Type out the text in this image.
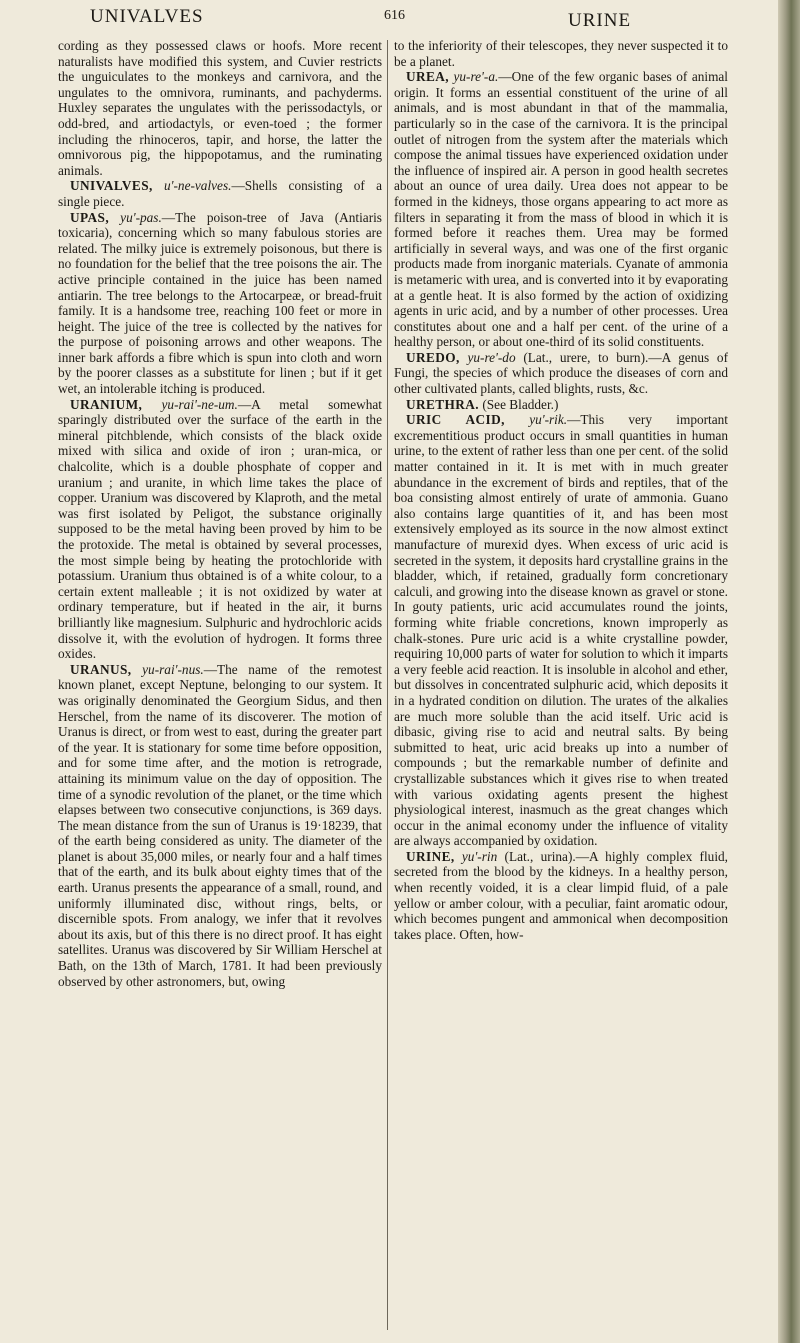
UNIVALVES	616	URINE

cording as they possessed claws or hoofs. More recent naturalists have modified this system, and Cuvier restricts the unguiculates to the monkeys and carnivora, and the ungulates to the omnivora, ruminants, and pachyderms. Huxley separates the ungulates with the perissodactyls, or odd-bred, and artiodactyls, or even-toed ; the former including the rhinoceros, tapir, and horse, the latter the omnivorous pig, the hippopotamus, and the ruminating animals.

UNIVALVES, u'-ne-valves.—Shells consisting of a single piece.

UPAS, yu'-pas.—The poison-tree of Java (Antiaris toxicaria), concerning which so many fabulous stories are related. The milky juice is extremely poisonous, but there is no foundation for the belief that the tree poisons the air. The active principle contained in the juice has been named antiarin. The tree belongs to the Artocarpeæ, or bread-fruit family. It is a handsome tree, reaching 100 feet or more in height. The juice of the tree is collected by the natives for the purpose of poisoning arrows and other weapons. The inner bark affords a fibre which is spun into cloth and worn by the poorer classes as a substitute for linen ; but if it get wet, an intolerable itching is produced.

URANIUM, yu-rai'-ne-um.—A metal somewhat sparingly distributed over the surface of the earth in the mineral pitchblende, which consists of the black oxide mixed with silica and oxide of iron ; uran-mica, or chalcolite, which is a double phosphate of copper and uranium ; and uranite, in which lime takes the place of copper. Uranium was discovered by Klaproth, and the metal was first isolated by Peligot, the substance originally supposed to be the metal having been proved by him to be the protoxide. The metal is obtained by several processes, the most simple being by heating the protochloride with potassium. Uranium thus obtained is of a white colour, to a certain extent malleable ; it is not oxidized by water at ordinary temperature, but if heated in the air, it burns brilliantly like magnesium. Sulphuric and hydrochloric acids dissolve it, with the evolution of hydrogen. It forms three oxides.

URANUS, yu-rai'-nus.—The name of the remotest known planet, except Neptune, belonging to our system. It was originally denominated the Georgium Sidus, and then Herschel, from the name of its discoverer. The motion of Uranus is direct, or from west to east, during the greater part of the year. It is stationary for some time before opposition, and for some time after, and the motion is retrograde, attaining its minimum value on the day of opposition. The time of a synodic revolution of the planet, or the time which elapses between two consecutive conjunctions, is 369 days. The mean distance from the sun of Uranus is 19·18239, that of the earth being considered as unity. The diameter of the planet is about 35,000 miles, or nearly four and a half times that of the earth, and its bulk about eighty times that of the earth. Uranus presents the appearance of a small, round, and uniformly illuminated disc, without rings, belts, or discernible spots. From analogy, we infer that it revolves about its axis, but of this there is no direct proof. It has eight satellites. Uranus was discovered by Sir William Herschel at Bath, on the 13th of March, 1781. It had been previously observed by other astronomers, but, owing

to the inferiority of their telescopes, they never suspected it to be a planet.

UREA, yu-re'-a.—One of the few organic bases of animal origin. It forms an essential constituent of the urine of all animals, and is most abundant in that of the mammalia, particularly so in the case of the carnivora. It is the principal outlet of nitrogen from the system after the materials which compose the animal tissues have experienced oxidation under the influence of inspired air. A person in good health secretes about an ounce of urea daily. Urea does not appear to be formed in the kidneys, those organs appearing to act more as filters in separating it from the mass of blood in which it is formed before it reaches them. Urea may be formed artificially in several ways, and was one of the first organic products made from inorganic materials. Cyanate of ammonia is metameric with urea, and is converted into it by evaporating at a gentle heat. It is also formed by the action of oxidizing agents in uric acid, and by a number of other processes. Urea constitutes about one and a half per cent. of the urine of a healthy person, or about one-third of its solid constituents.

UREDO, yu-re'-do (Lat., urere, to burn).—A genus of Fungi, the species of which produce the diseases of corn and other cultivated plants, called blights, rusts, &c.

URETHRA. (See Bladder.)

URIC ACID, yu'-rik.—This very important excrementitious product occurs in small quantities in human urine, to the extent of rather less than one per cent. of the solid matter contained in it. It is met with in much greater abundance in the excrement of birds and reptiles, that of the boa consisting almost entirely of urate of ammonia. Guano also contains large quantities of it, and has been most extensively employed as its source in the now almost extinct manufacture of murexid dyes. When excess of uric acid is secreted in the system, it deposits hard crystalline grains in the bladder, which, if retained, gradually form concretionary calculi, and growing into the disease known as gravel or stone. In gouty patients, uric acid accumulates round the joints, forming white friable concretions, known improperly as chalk-stones. Pure uric acid is a white crystalline powder, requiring 10,000 parts of water for solution to which it imparts a very feeble acid reaction. It is insoluble in alcohol and ether, but dissolves in concentrated sulphuric acid, which deposits it in a hydrated condition on dilution. The urates of the alkalies are much more soluble than the acid itself. Uric acid is dibasic, giving rise to acid and neutral salts. By being submitted to heat, uric acid breaks up into a number of compounds ; but the remarkable number of definite and crystallizable substances which it gives rise to when treated with various oxidating agents present the highest physiological interest, inasmuch as the great changes which occur in the animal economy under the influence of vitality are always accompanied by oxidation.

URINE, yu'-rin (Lat., urina).—A highly complex fluid, secreted from the blood by the kidneys. In a healthy person, when recently voided, it is a clear limpid fluid, of a pale yellow or amber colour, with a peculiar, faint aromatic odour, which becomes pungent and ammonical when decomposition takes place. Often, how-
